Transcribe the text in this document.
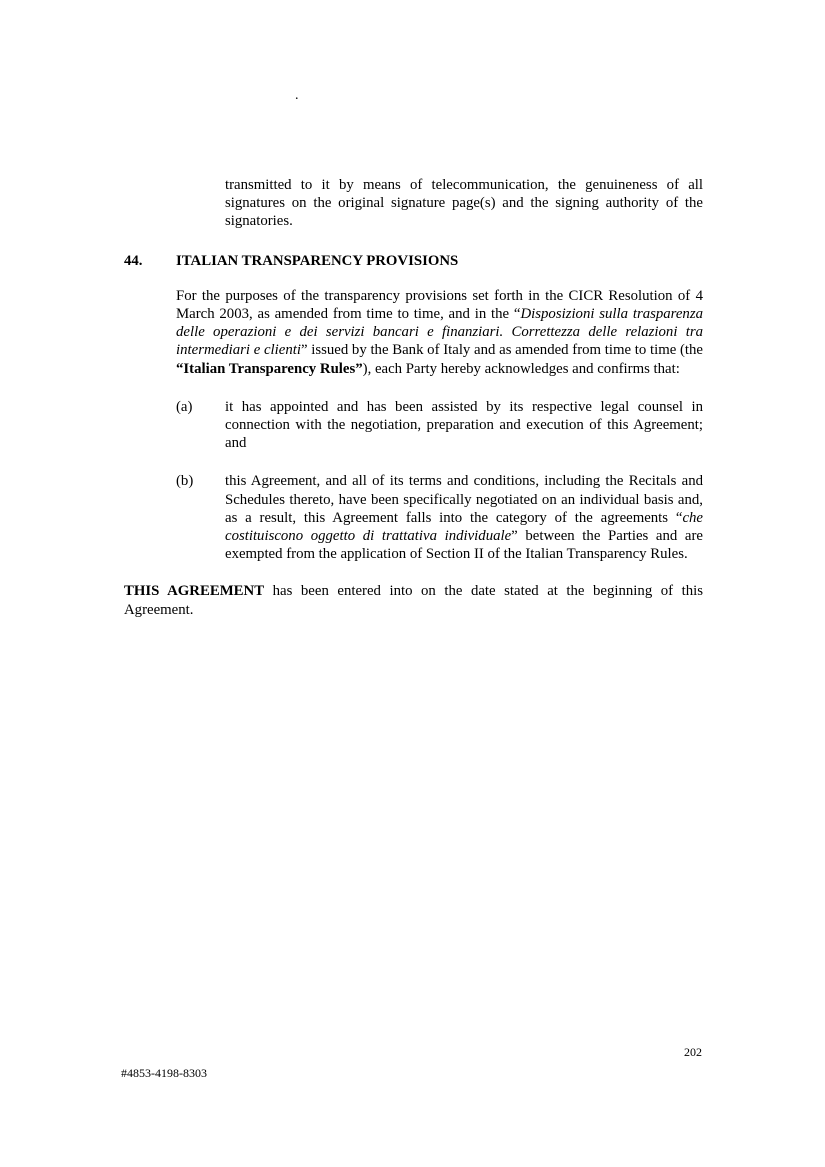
.

transmitted to it by means of telecommunication, the genuineness of all signatures on the original signature page(s) and the signing authority of the signatories.

44.	ITALIAN TRANSPARENCY PROVISIONS

For the purposes of the transparency provisions set forth in the CICR Resolution of 4 March 2003, as amended from time to time, and in the “Disposizioni sulla trasparenza delle operazioni e dei servizi bancari e finanziari. Correttezza delle relazioni tra intermediari e clienti” issued by the Bank of Italy and as amended from time to time (the “Italian Transparency Rules”), each Party hereby acknowledges and confirms that:

(a)	it has appointed and has been assisted by its respective legal counsel in connection with the negotiation, preparation and execution of this Agreement; and

(b)	this Agreement, and all of its terms and conditions, including the Recitals and Schedules thereto, have been specifically negotiated on an individual basis and, as a result, this Agreement falls into the category of the agreements “che costituiscono oggetto di trattativa individuale” between the Parties and are exempted from the application of Section II of the Italian Transparency Rules.

THIS AGREEMENT has been entered into on the date stated at the beginning of this Agreement.

202
#4853-4198-8303
